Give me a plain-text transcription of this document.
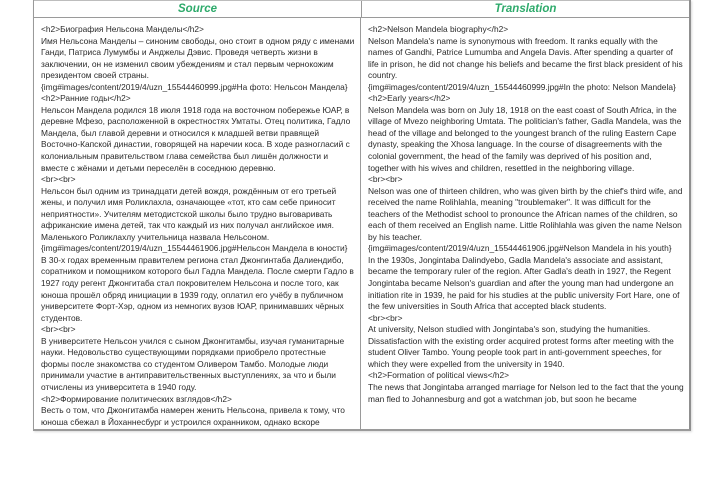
Source	Translation
<h2>Биография Нельсона Манделы</h2>
Имя Нельсона Манделы – синоним свободы, оно стоит в одном ряду с именами Ганди, Патриса Лумумбы и Анджелы Дэвис. Проведя четверть жизни в заключении, он не изменил своим убеждениям и стал первым чернокожим президентом своей страны.
{img#images/content/2019/4/uzn_15544460999.jpg#На фото: Нельсон Мандела}
<h2>Ранние годы</h2>
Нельсон Мандела родился 18 июля 1918 года на восточном побережье ЮАР, в деревне Мфезо, расположенной в окрестностях Умтаты. Отец политика, Гадло Мандела, был главой деревни и относился к младшей ветви правящей Восточно-Капской династии, говорящей на наречии коса. В ходе разногласий с колониальным правительством глава семейства был лишён должности и вместе с жёнами и детьми переселён в соседнюю деревню.
<br><br>
Нельсон был одним из тринадцати детей вождя, рождённым от его третьей жены, и получил имя Роликлахла, означающее «тот, кто сам себе приносит неприятности». Учителям методистской школы было трудно выговаривать африканские имена детей, так что каждый из них получал английское имя. Маленького Роликлахлу учительница назвала Нельсоном.
{img#images/content/2019/4/uzn_15544461906.jpg#Нельсон Мандела в юности}
В 30-х годах временным правителем региона стал Джонгинтаба Далиендибо, соратником и помощником которого был Гадла Мандела. После смерти Гадло в 1927 году регент Джонгитаба стал покровителем Нельсона и после того, как юноша прошёл обряд инициации в 1939 году, оплатил его учёбу в публичном университете Форт-Хэр, одном из немногих вузов ЮАР, принимавших чёрных студентов.
<br><br>
В университете Нельсон учился с сыном Джонгитамбы, изучая гуманитарные науки. Недовольство существующими порядками приобрело протестные формы после знакомства со студентом Оливером Тамбо. Молодые люди принимали участие в антиправительственных выступлениях, за что и были отчислены из университета в 1940 году.
<h2>Формирование политических взглядов</h2>
Весть о том, что Джонгитамба намерен женить Нельсона, привела к тому, что юноша сбежал в Йоханнесбург и устроился охранником, однако вскоре
<h2>Nelson Mandela biography</h2>
Nelson Mandela's name is synonymous with freedom. It ranks equally with the names of Gandhi, Patrice Lumumba and Angela Davis. After spending a quarter of life in prison, he did not change his beliefs and became the first black president of his country.
{img#images/content/2019/4/uzn_15544460999.jpg#In the photo: Nelson Mandela}
<h2>Early years</h2>
Nelson Mandela was born on July 18, 1918 on the east coast of South Africa, in the village of Mvezo neighboring Umtata. The politician's father, Gadla Mandela, was the head of the village and belonged to the youngest branch of the ruling Eastern Cape dynasty, speaking the Xhosa language. In the course of disagreements with the colonial government, the head of the family was deprived of his position and, together with his wives and children, resettled in the neighboring village.
<br><br>
Nelson was one of thirteen children, who was given birth by the chief's third wife, and received the name Rolihlahla, meaning "troublemaker". It was difficult for the teachers of the Methodist school to pronounce the African names of the children, so each of them received an English name. Little Rolihlahla was given the name Nelson by his teacher.
{img#images/content/2019/4/uzn_15544461906.jpg#Nelson Mandela in his youth}
In the 1930s, Jongintaba Dalindyebo, Gadla Mandela's associate and assistant, became the temporary ruler of the region. After Gadla's death in 1927, the Regent Jongintaba became Nelson's guardian and after the young man had undergone an initiation rite in 1939, he paid for his studies at the public university Fort Hare, one of the few universities in South Africa that accepted black students.
<br><br>
At university, Nelson studied with Jongintaba's son, studying the humanities. Dissatisfaction with the existing order acquired protest forms after meeting with the student Oliver Tambo. Young people took part in anti-government speeches, for which they were expelled from the university in 1940.
<h2>Formation of political views</h2>
The news that Jongintaba arranged marriage for Nelson led to the fact that the young man fled to Johannesburg and got a watchman job, but soon he became
